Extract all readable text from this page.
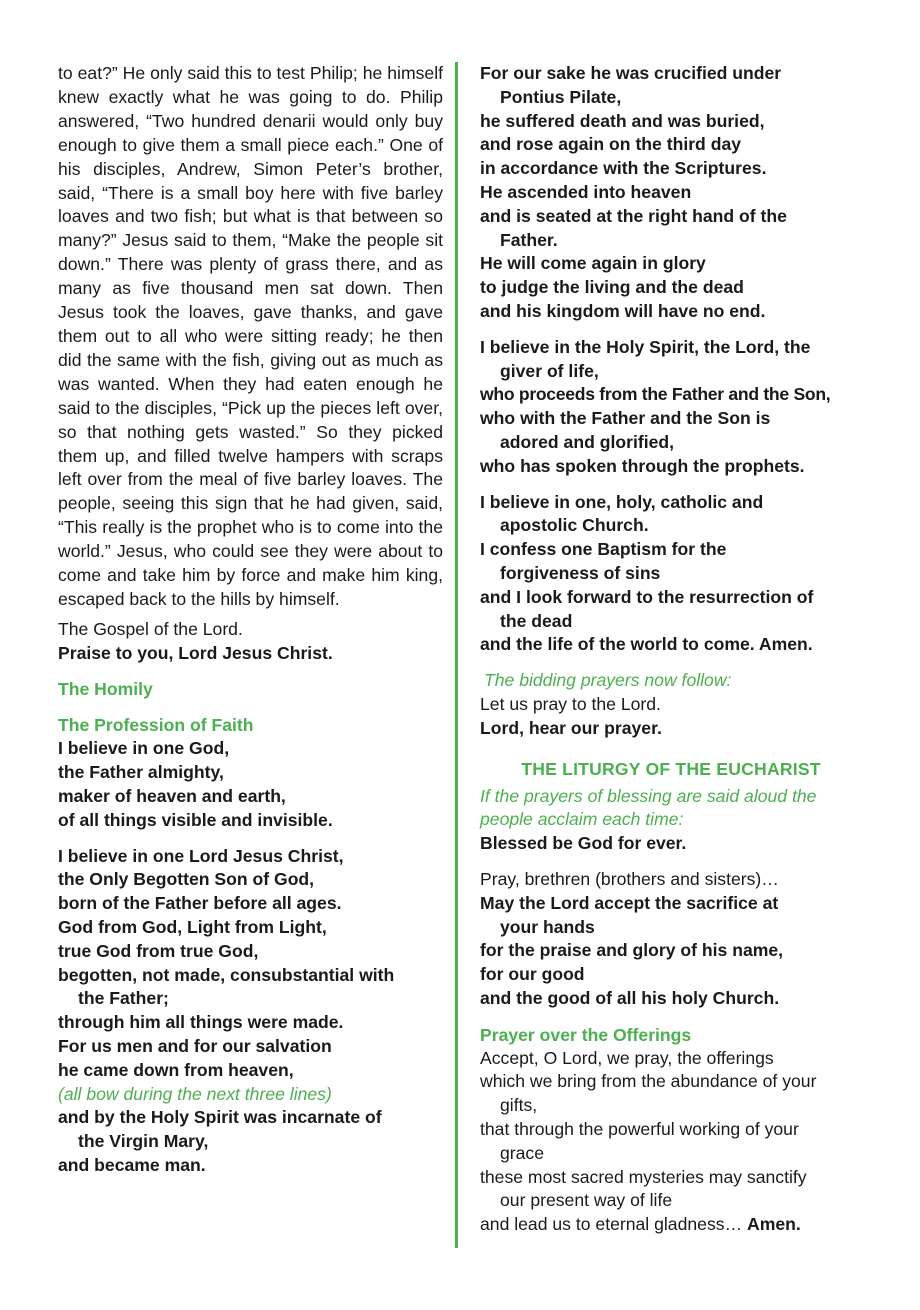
to eat?” He only said this to test Philip; he himself knew exactly what he was going to do. Philip answered, “Two hundred denarii would only buy enough to give them a small piece each.” One of his disciples, Andrew, Simon Peter’s brother, said, “There is a small boy here with five barley loaves and two fish; but what is that between so many?” Jesus said to them, “Make the people sit down.” There was plenty of grass there, and as many as five thousand men sat down. Then Jesus took the loaves, gave thanks, and gave them out to all who were sitting ready; he then did the same with the fish, giving out as much as was wanted. When they had eaten enough he said to the disciples, “Pick up the pieces left over, so that nothing gets wasted.” So they picked them up, and filled twelve hampers with scraps left over from the meal of five barley loaves. The people, seeing this sign that he had given, said, “This really is the prophet who is to come into the world.” Jesus, who could see they were about to come and take him by force and make him king, escaped back to the hills by himself.

The Gospel of the Lord.

Praise to you, Lord Jesus Christ.

The Homily

The Profession of Faith

I believe in one God,

the Father almighty,

maker of heaven and earth,

of all things visible and invisible.

I believe in one Lord Jesus Christ,

the Only Begotten Son of God,

born of the Father before all ages.

God from God, Light from Light,

true God from true God,

begotten, not made, consubstantial with

the Father;

through him all things were made.

For us men and for our salvation

he came down from heaven,

(all bow during the next three lines)

and by the Holy Spirit was incarnate of

the Virgin Mary,

and became man.

For our sake he was crucified under

Pontius Pilate,

he suffered death and was buried,

and rose again on the third day

in accordance with the Scriptures.

He ascended into heaven

and is seated at the right hand of the

Father.

He will come again in glory

to judge the living and the dead

and his kingdom will have no end.

I believe in the Holy Spirit, the Lord, the

giver of life,

who proceeds from the Father and the Son,

who with the Father and the Son is

adored and glorified,

who has spoken through the prophets.

I believe in one, holy, catholic and

apostolic Church.

I confess one Baptism for the

forgiveness of sins

and I look forward to the resurrection of

the dead

and the life of the world to come. Amen.

The bidding prayers now follow:

Let us pray to the Lord.

Lord, hear our prayer.

THE LITURGY OF THE EUCHARIST

If the prayers of blessing are said aloud the

people acclaim each time:

Blessed be God for ever.

Pray, brethren (brothers and sisters)…

May the Lord accept the sacrifice at

your hands

for the praise and glory of his name,

for our good

and the good of all his holy Church.

Prayer over the Offerings

Accept, O Lord, we pray, the offerings

which we bring from the abundance of your

gifts,

that through the powerful working of your

grace

these most sacred mysteries may sanctify

our present way of life

and lead us to eternal gladness… Amen.
